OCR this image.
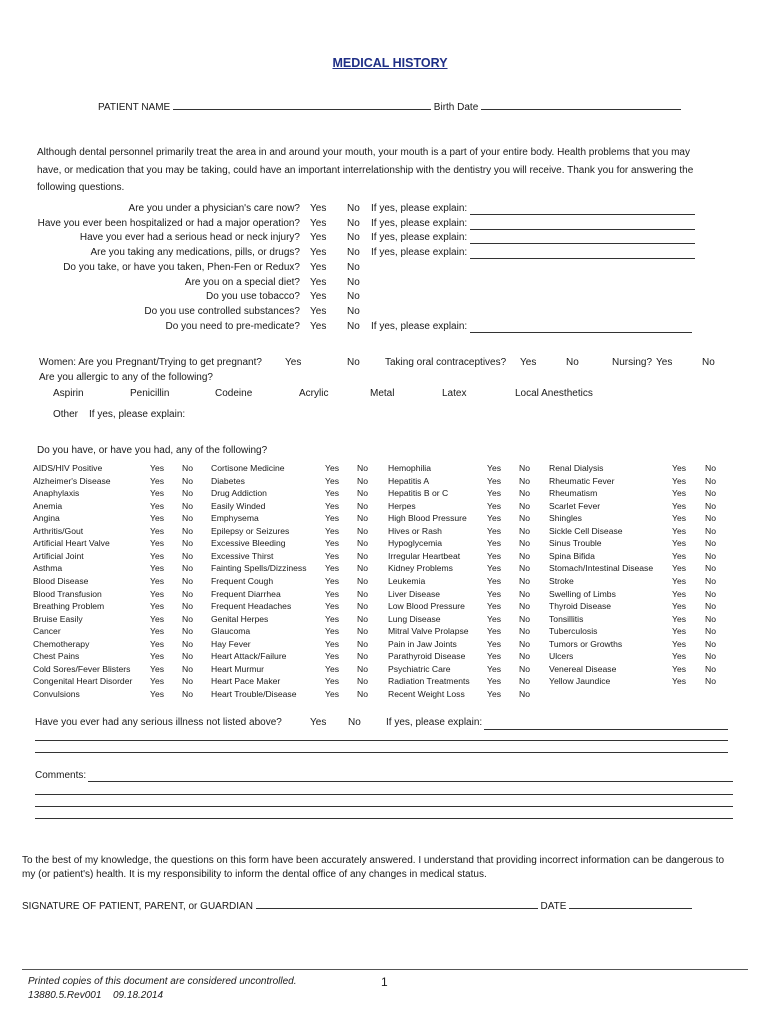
MEDICAL HISTORY
PATIENT NAME	Birth Date
Although dental personnel primarily treat the area in and around your mouth, your mouth is a part of your entire body. Health problems that you may have, or medication that you may be taking, could have an important interrelationship with the dentistry you will receive. Thank you for answering the following questions.
Are you under a physician's care now? Yes No If yes, please explain:
Have you ever been hospitalized or had a major operation? Yes No If yes, please explain:
Have you ever had a serious head or neck injury? Yes No If yes, please explain:
Are you taking any medications, pills, or drugs? Yes No If yes, please explain:
Do you take, or have you taken, Phen-Fen or Redux? Yes No
Are you on a special diet? Yes No
Do you use tobacco? Yes No
Do you use controlled substances? Yes No
Do you need to pre-medicate? Yes No If yes, please explain:
Women: Are you Pregnant/Trying to get pregnant? Yes	No	Taking oral contraceptives? Yes	No	Nursing? Yes	No
Are you allergic to any of the following?
Aspirin	Penicillin	Codeine	Acrylic	Metal	Latex	Local Anesthetics
Other If yes, please explain:
Do you have, or have you had, any of the following?
AIDS/HIV Positive	Yes No
Alzheimer's Disease	Yes No
Anaphylaxis	Yes No
Anemia	Yes No
Angina	Yes No
Arthritis/Gout	Yes No
Artificial Heart Valve	Yes No
Artificial Joint	Yes No
Asthma	Yes No
Blood Disease	Yes No
Blood Transfusion	Yes No
Breathing Problem	Yes No
Bruise Easily	Yes No
Cancer	Yes No
Chemotherapy	Yes No
Chest Pains	Yes No
Cold Sores/Fever Blisters Yes No
Congenital Heart Disorder Yes No
Convulsions	Yes No
Cortisone Medicine	Yes No
Diabetes	Yes No
Drug Addiction	Yes No
Easily Winded	Yes No
Emphysema	Yes No
Epilepsy or Seizures	Yes No
Excessive Bleeding	Yes No
Excessive Thirst	Yes No
Fainting Spells/Dizziness Yes No
Frequent Cough	Yes No
Frequent Diarrhea	Yes No
Frequent Headaches	Yes No
Genital Herpes	Yes No
Glaucoma	Yes No
Hay Fever	Yes No
Heart Attack/Failure	Yes No
Heart Murmur	Yes No
Heart Pace Maker	Yes No
Heart Trouble/Disease	Yes No
Hemophilia	Yes No
Hepatitis A	Yes No
Hepatitis B or C	Yes No
Herpes	Yes No
High Blood Pressure Yes No
Hives or Rash	Yes No
Hypoglycemia	Yes No
Irregular Heartbeat	Yes No
Kidney Problems	Yes No
Leukemia	Yes No
Liver Disease	Yes No
Low Blood Pressure	Yes No
Lung Disease	Yes No
Mitral Valve Prolapse Yes No
Pain in Jaw Joints	Yes No
Parathyroid Disease	Yes No
Psychiatric Care	Yes No
Radiation Treatments Yes No
Recent Weight Loss	Yes No
Renal Dialysis	Yes No
Rheumatic Fever	Yes No
Rheumatism	Yes No
Scarlet Fever	Yes No
Shingles	Yes No
Sickle Cell Disease	Yes No
Sinus Trouble	Yes No
Spina Bifida	Yes No
Stomach/Intestinal Disease Yes No
Stroke	Yes No
Swelling of Limbs	Yes No
Thyroid Disease	Yes No
Tonsillitis	Yes No
Tuberculosis	Yes No
Tumors or Growths	Yes No
Ulcers	Yes No
Venereal Disease	Yes No
Yellow Jaundice	Yes No
Have you ever had any serious illness not listed above?	Yes No	If yes, please explain:
Comments:
To the best of my knowledge, the questions on this form have been accurately answered. I understand that providing incorrect information can be dangerous to my (or patient's) health. It is my responsibility to inform the dental office of any changes in medical status.
SIGNATURE OF PATIENT, PARENT, or GUARDIAN	DATE
Printed copies of this document are considered uncontrolled.	1
13880.5.Rev001 09.18.2014
